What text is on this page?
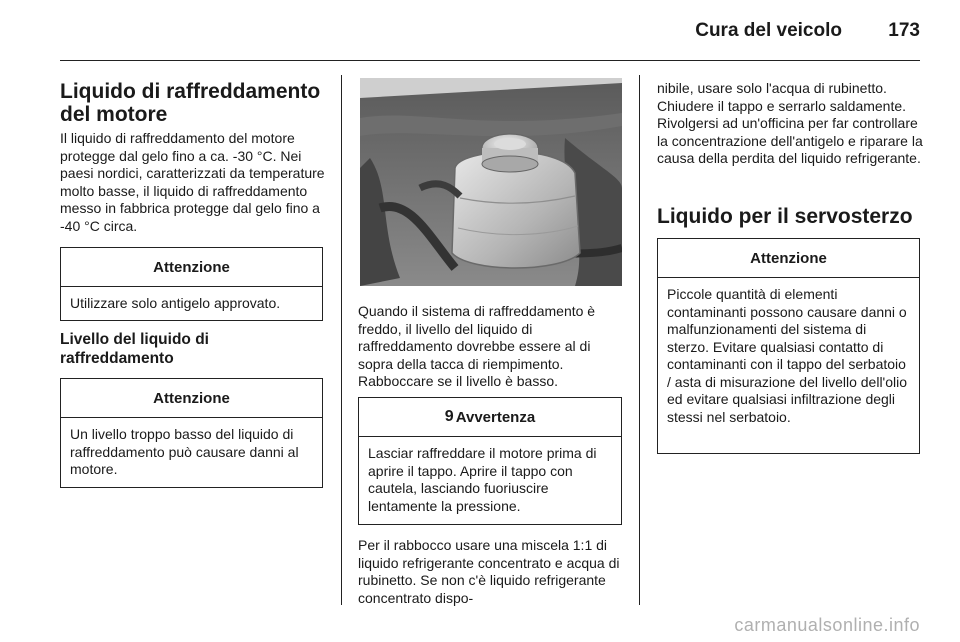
Cura del veicolo 173
Liquido di raffreddamento del motore

Il liquido di raffreddamento del motore protegge dal gelo fino a ca. -30 °C. Nei paesi nordici, caratterizzati da temperature molto basse, il liquido di raffreddamento messo in fabbrica protegge dal gelo fino a -40 °C circa.

Attenzione
Utilizzare solo antigelo approvato.
Livello del liquido di raffreddamento
Attenzione
Un livello troppo basso del liquido di raffreddamento può causare danni al motore.

Quando il sistema di raffreddamento è freddo, il livello del liquido di raffreddamento dovrebbe essere al di sopra della tacca di riempimento. Rabboccare se il livello è basso.

9 Avvertenza
Lasciar raffreddare il motore prima di aprire il tappo. Aprire il tappo con cautela, lasciando fuoriuscire lentamente la pressione.

Per il rabbocco usare una miscela 1:1 di liquido refrigerante concentrato e acqua di rubinetto. Se non c'è liquido refrigerante concentrato dispo-

nibile, usare solo l'acqua di rubinetto. Chiudere il tappo e serrarlo saldamente. Rivolgersi ad un'officina per far controllare la concentrazione dell'antigelo e riparare la causa della perdita del liquido refrigerante.

Liquido per il servosterzo
Attenzione
Piccole quantità di elementi contaminanti possono causare danni o malfunzionamenti del sistema di sterzo. Evitare qualsiasi contatto di contaminanti con il tappo del serbatoio / asta di misurazione del livello dell'olio ed evitare qualsiasi infiltrazione degli stessi nel serbatoio.
carmanualsonline.info
